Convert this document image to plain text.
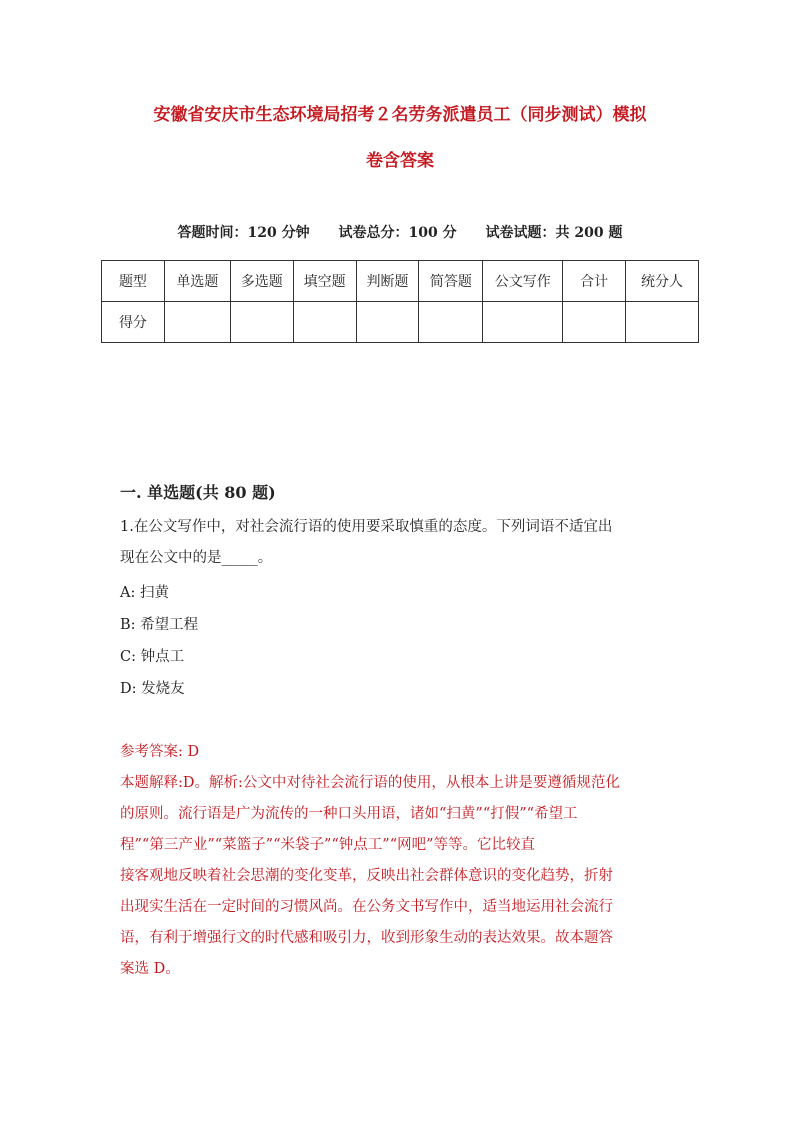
安徽省安庆市生态环境局招考２名劳务派遣员工（同步测试）模拟
卷含答案
答题时间：120 分钟 试卷总分：100 分 试卷试题：共 200 题
题型	单选题	多选题	填空题	判断题	简答题	公文写作	合计	统分人
得分								
一. 单选题(共 80 题)
1.在公文写作中，对社会流行语的使用要采取慎重的态度。下列词语不适宜出
现在公文中的是_____。
A: 扫黄
B: 希望工程
C: 钟点工
D: 发烧友
参考答案: D
本题解释:D。解析:公文中对待社会流行语的使用，从根本上讲是要遵循规范化
的原则。流行语是广为流传的一种口头用语，诸如“扫黄”“打假”“希望工
程”“第三产业”“菜篮子”“米袋子”“钟点工”“网吧”等等。它比较直
接客观地反映着社会思潮的变化变革，反映出社会群体意识的变化趋势，折射
出现实生活在一定时间的习惯风尚。在公务文书写作中，适当地运用社会流行
语，有利于增强行文的时代感和吸引力，收到形象生动的表达效果。故本题答
案选 D。
